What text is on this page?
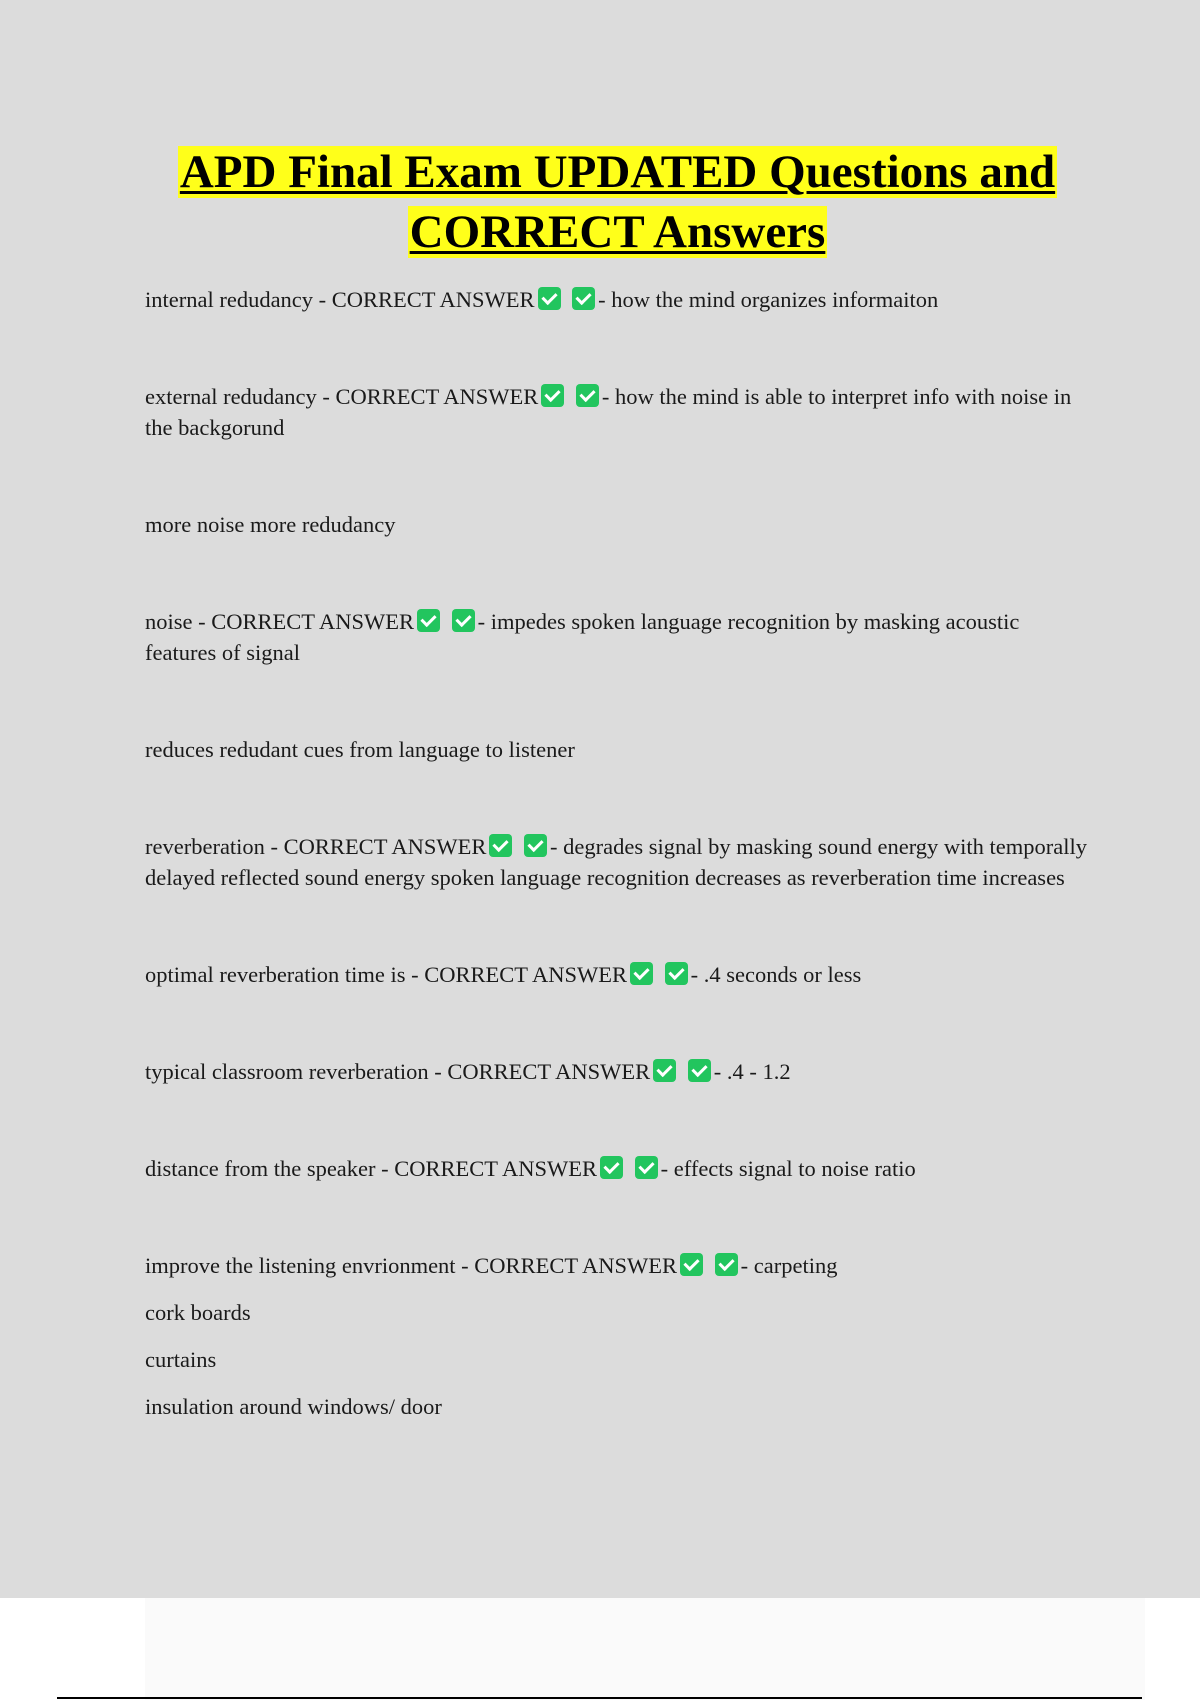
APD Final Exam UPDATED Questions and
CORRECT Answers

internal redudancy - CORRECT ANSWER	- how the mind organizes informaiton

external redudancy - CORRECT ANSWER	- how the mind is able to interpret info with noise in the backgorund

more noise more redudancy

noise - CORRECT ANSWER	- impedes spoken language recognition by masking acoustic features of signal

reduces redudant cues from language to listener

reverberation - CORRECT ANSWER	- degrades signal by masking sound energy with temporally delayed reflected sound energy spoken language recognition decreases as reverberation time increases

optimal reverberation time is - CORRECT ANSWER	- .4 seconds or less

typical classroom reverberation - CORRECT ANSWER	- .4 - 1.2

distance from the speaker - CORRECT ANSWER	- effects signal to noise ratio

improve the listening envrionment - CORRECT ANSWER	- carpeting

cork boards

curtains

insulation around windows/ door
